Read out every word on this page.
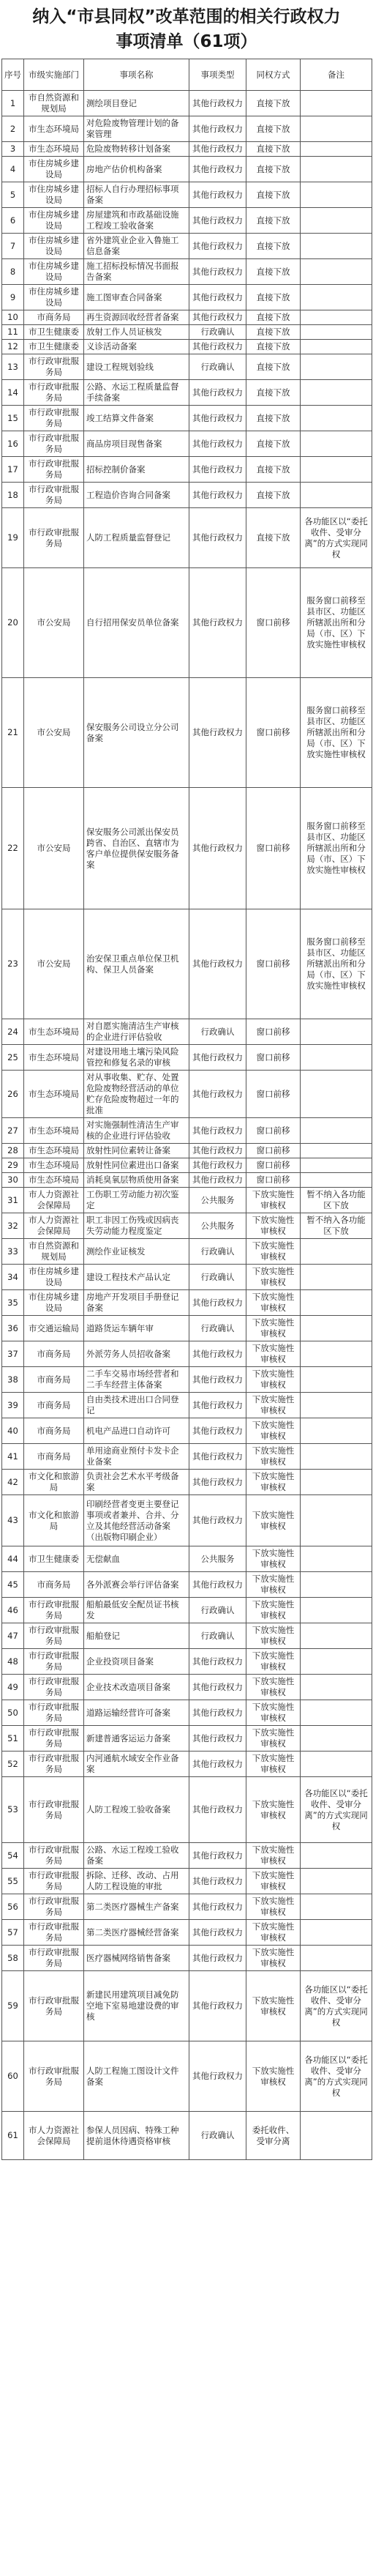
纳入“市县同权”改革范围的相关行政权力
事项清单（61项）
序号	市级实施部门	事项名称	事项类型	同权方式	备注
1	市自然资源和规划局	测绘项目登记	其他行政权力	直接下放	
2	市生态环境局	对危险废物管理计划的备案管理	其他行政权力	直接下放	
3	市生态环境局	危险废物转移计划备案	其他行政权力	直接下放	
4	市住房城乡建设局	房地产估价机构备案	其他行政权力	直接下放	
5	市住房城乡建设局	招标人自行办理招标事项备案	其他行政权力	直接下放	
6	市住房城乡建设局	房屋建筑和市政基础设施工程竣工验收备案	其他行政权力	直接下放	
7	市住房城乡建设局	省外建筑业企业入鲁施工信息备案	其他行政权力	直接下放	
8	市住房城乡建设局	施工招标投标情况书面报告备案	其他行政权力	直接下放	
9	市住房城乡建设局	施工图审查合同备案	其他行政权力	直接下放	
10	市商务局	再生资源回收经营者备案	其他行政权力	直接下放	
11	市卫生健康委	放射工作人员证核发	行政确认	直接下放	
12	市卫生健康委	义诊活动备案	其他行政权力	直接下放	
13	市行政审批服务局	建设工程规划验线	行政确认	直接下放	
14	市行政审批服务局	公路、水运工程质量监督手续备案	其他行政权力	直接下放	
15	市行政审批服务局	竣工结算文件备案	其他行政权力	直接下放	
16	市行政审批服务局	商品房项目现售备案	其他行政权力	直接下放	
17	市行政审批服务局	招标控制价备案	其他行政权力	直接下放	
18	市行政审批服务局	工程造价咨询合同备案	其他行政权力	直接下放	
19	市行政审批服务局	人防工程质量监督登记	其他行政权力	直接下放	各功能区以“委托收件、受审分离”的方式实现同权
20	市公安局	自行招用保安员单位备案	其他行政权力	窗口前移	服务窗口前移至县市区、功能区所辖派出所和分局（市、区）下放实施性审核权
21	市公安局	保安服务公司设立分公司备案	其他行政权力	窗口前移	服务窗口前移至县市区、功能区所辖派出所和分局（市、区）下放实施性审核权
22	市公安局	保安服务公司派出保安员跨省、自治区、直辖市为客户单位提供保安服务备案	其他行政权力	窗口前移	服务窗口前移至县市区、功能区所辖派出所和分局（市、区）下放实施性审核权
23	市公安局	治安保卫重点单位保卫机构、保卫人员备案	其他行政权力	窗口前移	服务窗口前移至县市区、功能区所辖派出所和分局（市、区）下放实施性审核权
24	市生态环境局	对自愿实施清洁生产审核的企业进行评估验收	行政确认	窗口前移	
25	市生态环境局	对建设用地土壤污染风险管控和修复名录的审核	其他行政权力	窗口前移	
26	市生态环境局	对从事收集、贮存、处置危险废物经营活动的单位贮存危险废物超过一年的批准	其他行政权力	窗口前移	
27	市生态环境局	对实施强制性清洁生产审核的企业进行评估验收	其他行政权力	窗口前移	
28	市生态环境局	放射性同位素转让备案	其他行政权力	窗口前移	
29	市生态环境局	放射性同位素进出口备案	其他行政权力	窗口前移	
30	市生态环境局	消耗臭氧层物质使用备案	其他行政权力	窗口前移	
31	市人力资源社会保障局	工伤职工劳动能力初次鉴定	公共服务	下放实施性审核权	暂不纳入各功能区下放
32	市人力资源社会保障局	职工非因工伤残或因病丧失劳动能力程度鉴定	公共服务	下放实施性审核权	暂不纳入各功能区下放
33	市自然资源和规划局	测绘作业证核发	行政确认	下放实施性审核权	
34	市住房城乡建设局	建设工程技术产品认定	行政确认	下放实施性审核权	
35	市住房城乡建设局	房地产开发项目手册登记备案	其他行政权力	下放实施性审核权	
36	市交通运输局	道路货运车辆年审	行政确认	下放实施性审核权	
37	市商务局	外派劳务人员招收备案	其他行政权力	下放实施性审核权	
38	市商务局	二手车交易市场经营者和二手车经营主体备案	其他行政权力	下放实施性审核权	
39	市商务局	自由类技术进出口合同登记	其他行政权力	下放实施性审核权	
40	市商务局	机电产品进口自动许可	其他行政权力	下放实施性审核权	
41	市商务局	单用途商业预付卡发卡企业备案	其他行政权力	下放实施性审核权	
42	市文化和旅游局	负责社会艺术水平考级备案	其他行政权力	下放实施性审核权	
43	市文化和旅游局	印刷经营者变更主要登记事项或者兼并、合并、分立及其他经营活动备案（出版物印刷企业）	其他行政权力	下放实施性审核权	
44	市卫生健康委	无偿献血	公共服务	下放实施性审核权	
45	市商务局	各外派赛会举行评估备案	其他行政权力	下放实施性审核权	
46	市行政审批服务局	船舶最低安全配员证书核发	行政确认	下放实施性审核权	
47	市行政审批服务局	船舶登记	行政确认	下放实施性审核权	
48	市行政审批服务局	企业投资项目备案	其他行政权力	下放实施性审核权	
49	市行政审批服务局	企业技术改造项目备案	其他行政权力	下放实施性审核权	
50	市行政审批服务局	道路运输经营许可备案	其他行政权力	下放实施性审核权	
51	市行政审批服务局	新建普通客运运力备案	其他行政权力	下放实施性审核权	
52	市行政审批服务局	内河通航水域安全作业备案	其他行政权力	下放实施性审核权	
53	市行政审批服务局	人防工程竣工验收备案	其他行政权力	下放实施性审核权	各功能区以“委托收件、受审分离”的方式实现同权
54	市行政审批服务局	公路、水运工程竣工验收备案	其他行政权力	下放实施性审核权	
55	市行政审批服务局	拆除、迁移、改动、占用人防工程设施的审批	其他行政权力	下放实施性审核权	
56	市行政审批服务局	第二类医疗器械生产备案	其他行政权力	下放实施性审核权	
57	市行政审批服务局	第二类医疗器械经营备案	其他行政权力	下放实施性审核权	
58	市行政审批服务局	医疗器械网络销售备案	其他行政权力	下放实施性审核权	
59	市行政审批服务局	新建民用建筑项目减免防空地下室易地建设费的审核	其他行政权力	下放实施性审核权	各功能区以“委托收件、受审分离”的方式实现同权
60	市行政审批服务局	人防工程施工图设计文件备案	其他行政权力	下放实施性审核权	各功能区以“委托收件、受审分离”的方式实现同权
61	市人力资源社会保障局	参保人员因病、特殊工种提前退休待遇资格审核	行政确认	委托收件、受审分离	
